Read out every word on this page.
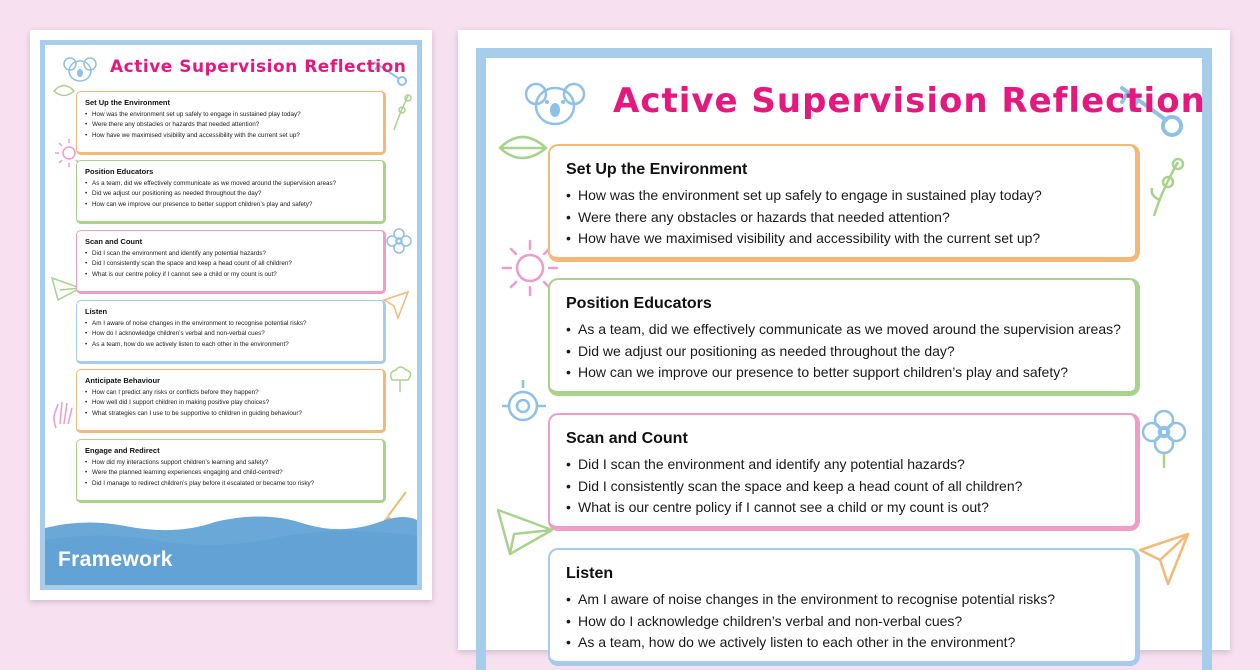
Active Supervision Reflection
Set Up the Environment
• How was the environment set up safely to engage in sustained play today?
• Were there any obstacles or hazards that needed attention?
• How have we maximised visibility and accessibility with the current set up?
Position Educators
• As a team, did we effectively communicate as we moved around the supervision areas?
• Did we adjust our positioning as needed throughout the day?
• How can we improve our presence to better support children’s play and safety?
Scan and Count
• Did I scan the environment and identify any potential hazards?
• Did I consistently scan the space and keep a head count of all children?
• What is our centre policy if I cannot see a child or my count is out?
Listen
• Am I aware of noise changes in the environment to recognise potential risks?
• How do I acknowledge children’s verbal and non-verbal cues?
• As a team, how do we actively listen to each other in the environment?
Anticipate Behaviour
• How can I predict any risks or conflicts before they happen?
• How well did I support children in making positive play choices?
• What strategies can I use to be supportive to children in guiding behaviour?
Engage and Redirect
• How did my interactions support children’s learning and safety?
• Were the planned learning experiences engaging and child-centred?
• Did I manage to redirect children’s play before it escalated or became too risky?
Framework
Active Supervision Reflection
Set Up the Environment
• How was the environment set up safely to engage in sustained play today?
• Were there any obstacles or hazards that needed attention?
• How have we maximised visibility and accessibility with the current set up?
Position Educators
• As a team, did we effectively communicate as we moved around the supervision areas?
• Did we adjust our positioning as needed throughout the day?
• How can we improve our presence to better support children’s play and safety?
Scan and Count
• Did I scan the environment and identify any potential hazards?
• Did I consistently scan the space and keep a head count of all children?
• What is our centre policy if I cannot see a child or my count is out?
Listen
• Am I aware of noise changes in the environment to recognise potential risks?
• How do I acknowledge children’s verbal and non-verbal cues?
• As a team, how do we actively listen to each other in the environment?
